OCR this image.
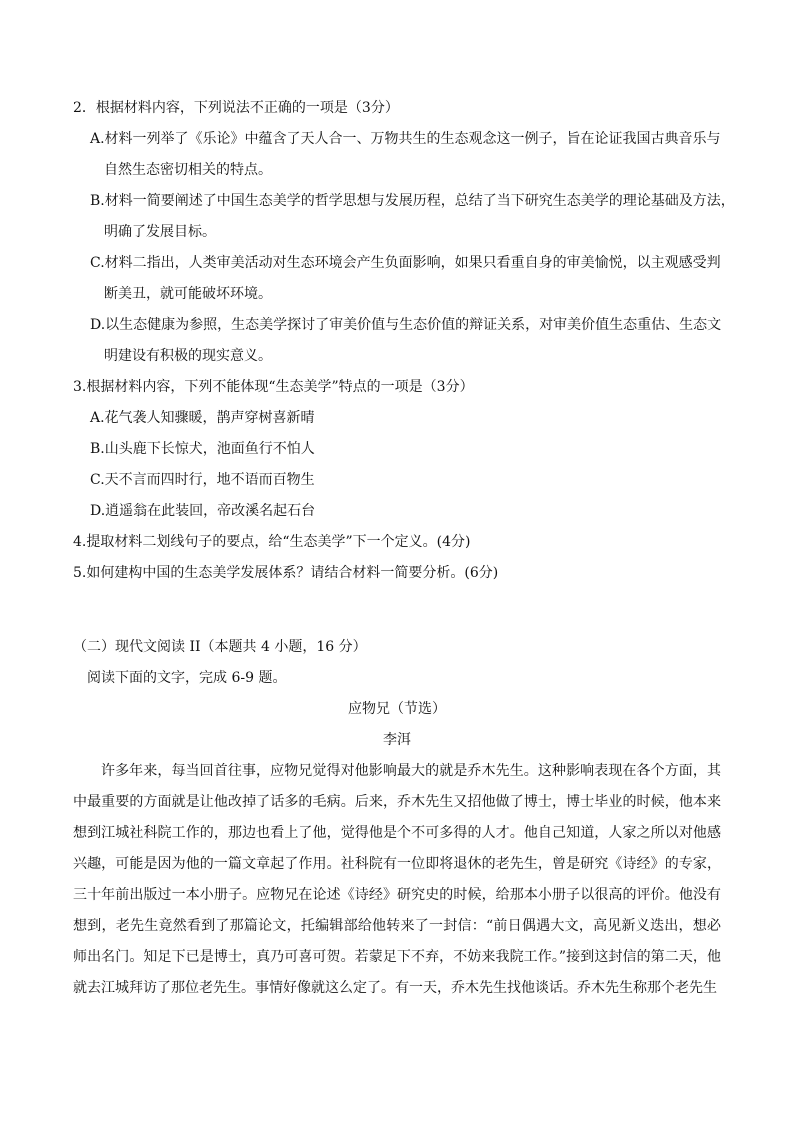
2．根据材料内容，下列说法不正确的一项是（3分）
A.材料一列举了《乐论》中蕴含了天人合一、万物共生的生态观念这一例子，旨在论证我国古典音乐与
自然生态密切相关的特点。
B.材料一简要阐述了中国生态美学的哲学思想与发展历程，总结了当下研究生态美学的理论基础及方法，
明确了发展目标。
C.材料二指出，人类审美活动对生态环境会产生负面影响，如果只看重自身的审美愉悦，以主观感受判
断美丑，就可能破坏环境。
D.以生态健康为参照，生态美学探讨了审美价值与生态价值的辩证关系，对审美价值生态重估、生态文
明建设有积极的现实意义。
3.根据材料内容，下列不能体现“生态美学”特点的一项是（3分）
A.花气袭人知骤暖，鹊声穿树喜新晴
B.山头鹿下长惊犬，池面鱼行不怕人
C.天不言而四时行，地不语而百物生
D.逍遥翁在此装回，帝改溪名起石台
4.提取材料二划线句子的要点，给“生态美学”下一个定义。(4分)
5.如何建构中国的生态美学发展体系？请结合材料一简要分析。(6分)
（二）现代文阅读 II（本题共 4 小题，16 分）
阅读下面的文字，完成 6-9 题。
应物兄（节选）
李洱
许多年来，每当回首往事，应物兄觉得对他影响最大的就是乔木先生。这种影响表现在各个方面，其中最重要的方面就是让他改掉了话多的毛病。后来，乔木先生又招他做了博士，博士毕业的时候，他本来想到江城社科院工作的，那边也看上了他，觉得他是个不可多得的人才。他自己知道，人家之所以对他感兴趣，可能是因为他的一篇文章起了作用。社科院有一位即将退休的老先生，曾是研究《诗经》的专家，三十年前出版过一本小册子。应物兄在论述《诗经》研究史的时候，给那本小册子以很高的评价。他没有想到，老先生竟然看到了那篇论文，托编辑部给他转来了一封信：“前日偶遇大文，高见新义迭出，想必师出名门。知足下已是博士，真乃可喜可贺。若蒙足下不弃，不妨来我院工作。”接到这封信的第二天，他就去江城拜访了那位老先生。事情好像就这么定了。有一天，乔木先生找他谈话。乔木先生称那个老先生
